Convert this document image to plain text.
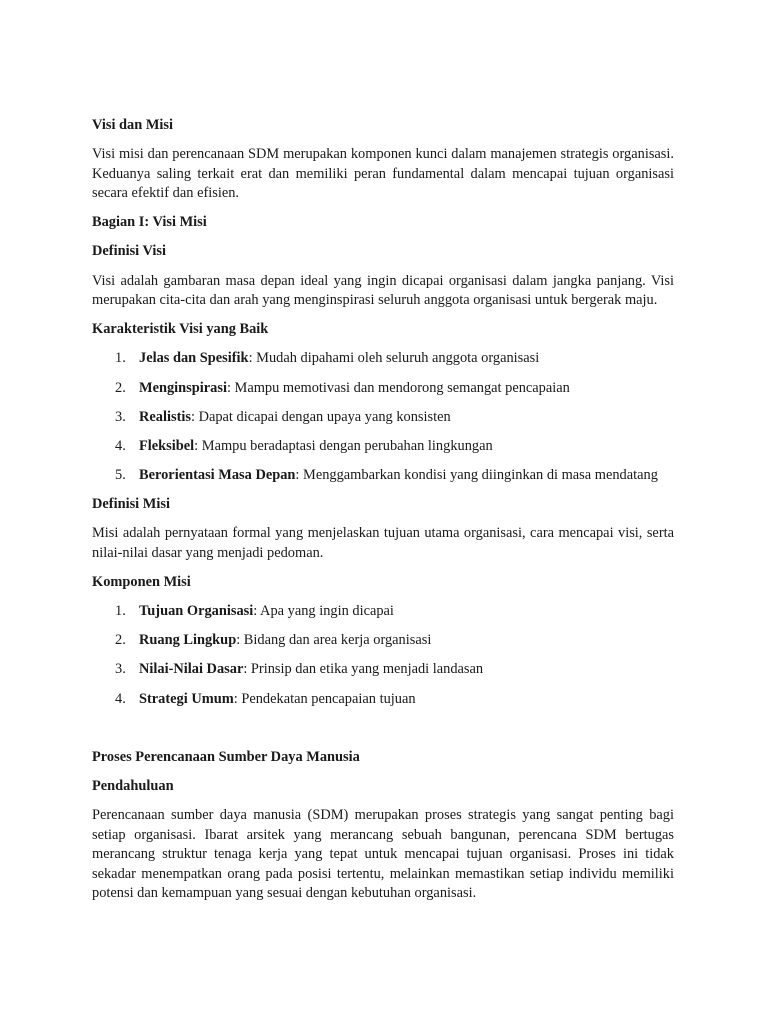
Visi dan Misi

Visi misi dan perencanaan SDM merupakan komponen kunci dalam manajemen strategis organisasi. Keduanya saling terkait erat dan memiliki peran fundamental dalam mencapai tujuan organisasi secara efektif dan efisien.

Bagian I: Visi Misi

Definisi Visi

Visi adalah gambaran masa depan ideal yang ingin dicapai organisasi dalam jangka panjang. Visi merupakan cita-cita dan arah yang menginspirasi seluruh anggota organisasi untuk bergerak maju.

Karakteristik Visi yang Baik

1. Jelas dan Spesifik: Mudah dipahami oleh seluruh anggota organisasi
2. Menginspirasi: Mampu memotivasi dan mendorong semangat pencapaian
3. Realistis: Dapat dicapai dengan upaya yang konsisten
4. Fleksibel: Mampu beradaptasi dengan perubahan lingkungan
5. Berorientasi Masa Depan: Menggambarkan kondisi yang diinginkan di masa mendatang

Definisi Misi

Misi adalah pernyataan formal yang menjelaskan tujuan utama organisasi, cara mencapai visi, serta nilai-nilai dasar yang menjadi pedoman.

Komponen Misi

1. Tujuan Organisasi: Apa yang ingin dicapai
2. Ruang Lingkup: Bidang dan area kerja organisasi
3. Nilai-Nilai Dasar: Prinsip dan etika yang menjadi landasan
4. Strategi Umum: Pendekatan pencapaian tujuan

Proses Perencanaan Sumber Daya Manusia

Pendahuluan

Perencanaan sumber daya manusia (SDM) merupakan proses strategis yang sangat penting bagi setiap organisasi. Ibarat arsitek yang merancang sebuah bangunan, perencana SDM bertugas merancang struktur tenaga kerja yang tepat untuk mencapai tujuan organisasi. Proses ini tidak sekadar menempatkan orang pada posisi tertentu, melainkan memastikan setiap individu memiliki potensi dan kemampuan yang sesuai dengan kebutuhan organisasi.
